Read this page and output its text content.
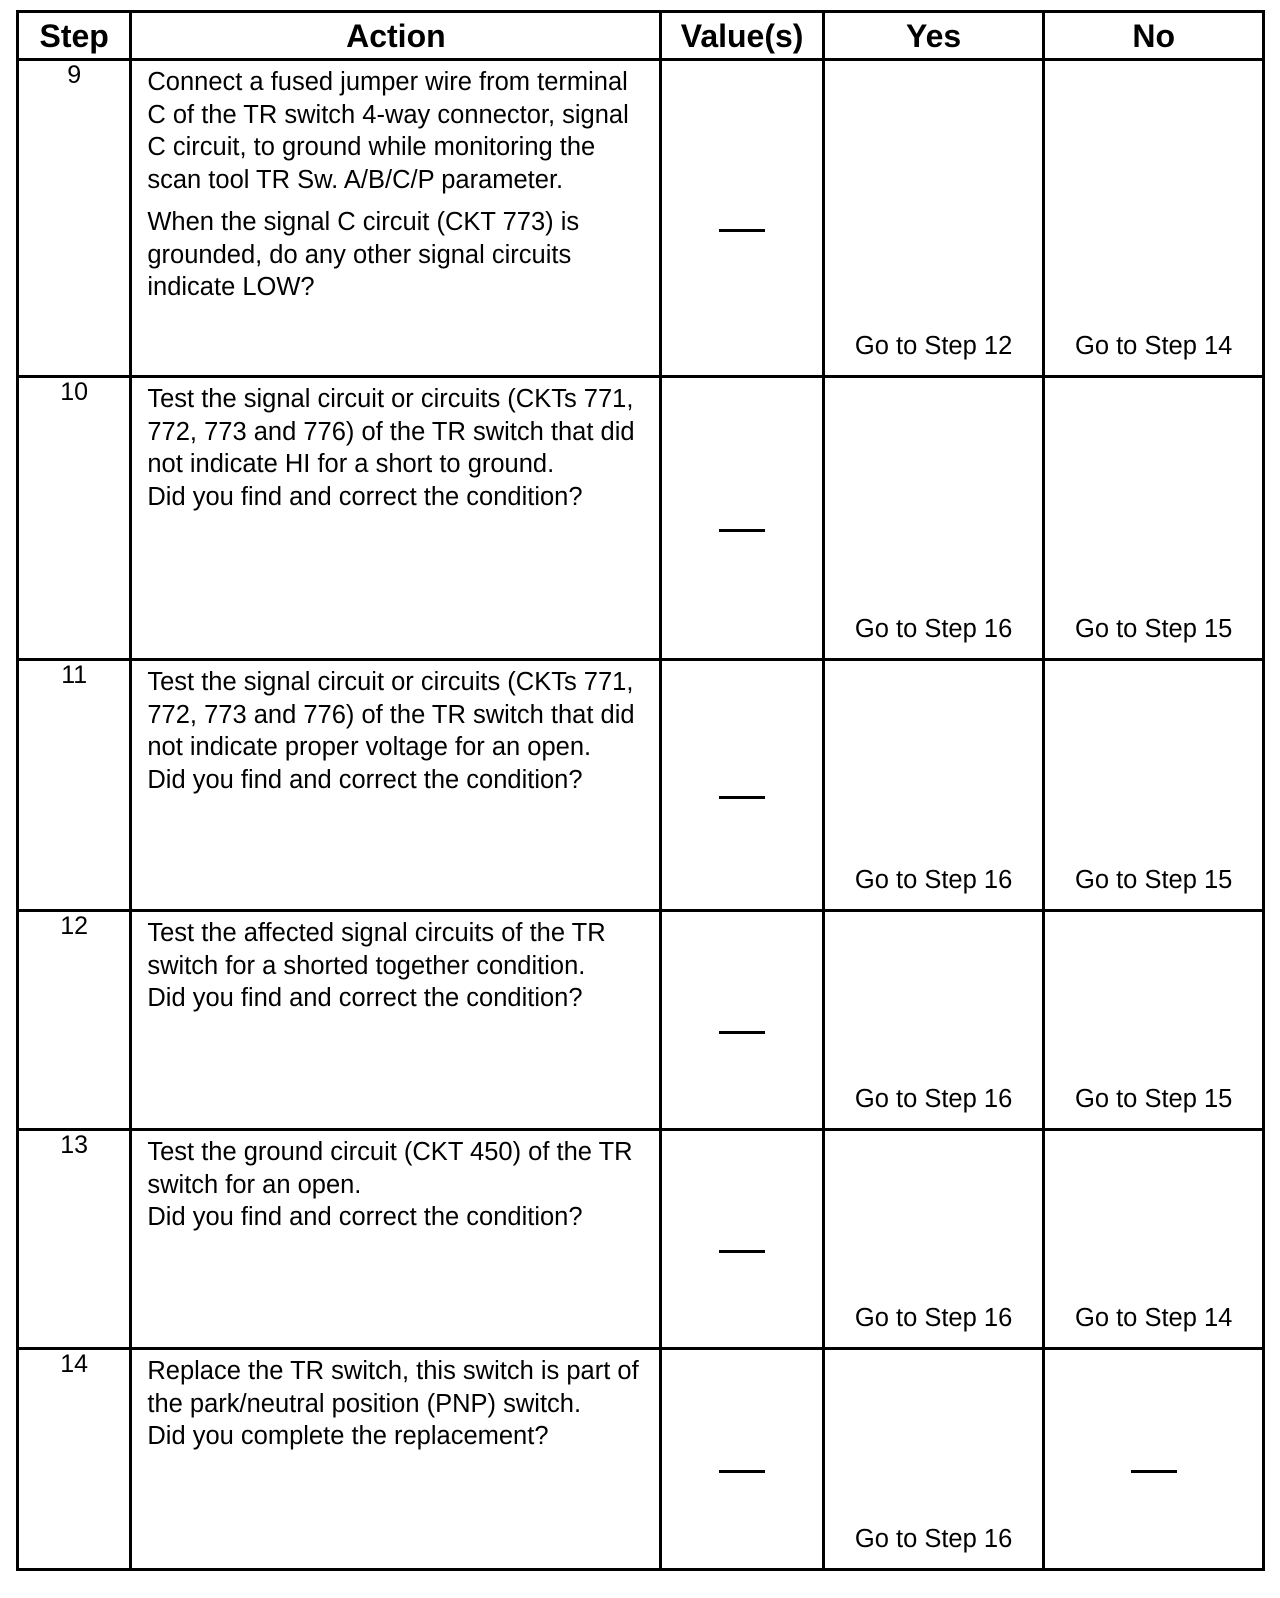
Step	Action	Value(s)	Yes	No
9	Connect a fused jumper wire from terminal C of the TR switch 4-way connector, signal C circuit, to ground while monitoring the scan tool TR Sw. A/B/C/P parameter.
When the signal C circuit (CKT 773) is grounded, do any other signal circuits indicate LOW?		Go to Step 12	Go to Step 14

10	Test the signal circuit or circuits (CKTs 771, 772, 773 and 776) of the TR switch that did not indicate HI for a short to ground.
Did you find and correct the condition?		Go to Step 16	Go to Step 15

11	Test the signal circuit or circuits (CKTs 771, 772, 773 and 776) of the TR switch that did not indicate proper voltage for an open.
Did you find and correct the condition?		Go to Step 16	Go to Step 15

12	Test the affected signal circuits of the TR switch for a shorted together condition.
Did you find and correct the condition?		Go to Step 16	Go to Step 15

13	Test the ground circuit (CKT 450) of the TR switch for an open.
Did you find and correct the condition?		Go to Step 16	Go to Step 14

14	Replace the TR switch, this switch is part of the park/neutral position (PNP) switch.
Did you complete the replacement?		Go to Step 16	
